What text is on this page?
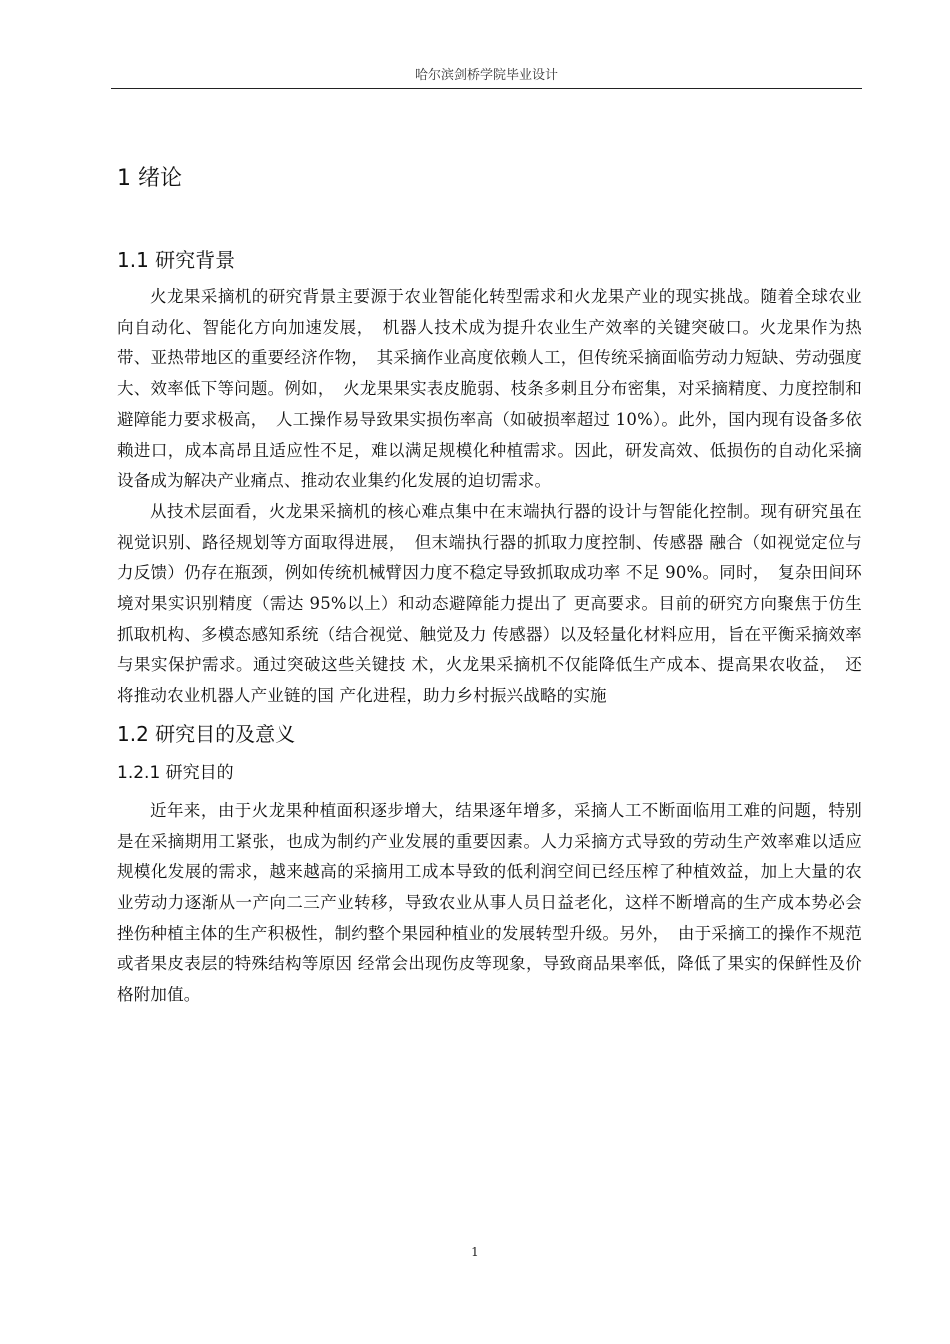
哈尔滨剑桥学院毕业设计
1 绪论
1.1 研究背景

火龙果采摘机的研究背景主要源于农业智能化转型需求和火龙果产业的现实挑战。随着全球农业向自动化、智能化方向加速发展，　机器人技术成为提升农业生产效率的关键突破口。火龙果作为热带、亚热带地区的重要经济作物，　其采摘作业高度依赖人工，但传统采摘面临劳动力短缺、劳动强度大、效率低下等问题。例如，　火龙果果实表皮脆弱、枝条多刺且分布密集，对采摘精度、力度控制和避障能力要求极高，　人工操作易导致果实损伤率高（如破损率超过 10%）。此外，国内现有设备多依赖进口，成本高昂且适应性不足，难以满足规模化种植需求。因此，研发高效、低损伤的自动化采摘设备成为解决产业痛点、推动农业集约化发展的迫切需求。

从技术层面看，火龙果采摘机的核心难点集中在末端执行器的设计与智能化控制。现有研究虽在视觉识别、路径规划等方面取得进展，　但末端执行器的抓取力度控制、传感器 融合（如视觉定位与力反馈）仍存在瓶颈，例如传统机械臂因力度不稳定导致抓取成功率 不足 90%。同时，　复杂田间环境对果实识别精度（需达 95%以上）和动态避障能力提出了 更高要求。目前的研究方向聚焦于仿生抓取机构、多模态感知系统（结合视觉、触觉及力 传感器）以及轻量化材料应用，旨在平衡采摘效率与果实保护需求。通过突破这些关键技 术，火龙果采摘机不仅能降低生产成本、提高果农收益，　还将推动农业机器人产业链的国 产化进程，助力乡村振兴战略的实施

1.2 研究目的及意义
1.2.1 研究目的

近年来，由于火龙果种植面积逐步增大，结果逐年增多，采摘人工不断面临用工难的问题，特别是在采摘期用工紧张，也成为制约产业发展的重要因素。人力采摘方式导致的劳动生产效率难以适应规模化发展的需求，越来越高的采摘用工成本导致的低利润空间已经压榨了种植效益，加上大量的农业劳动力逐渐从一产向二三产业转移，导致农业从事人员日益老化，这样不断增高的生产成本势必会挫伤种植主体的生产积极性，制约整个果园种植业的发展转型升级。另外，　由于采摘工的操作不规范或者果皮表层的特殊结构等原因 经常会出现伤皮等现象，导致商品果率低，降低了果实的保鲜性及价格附加值。

1
